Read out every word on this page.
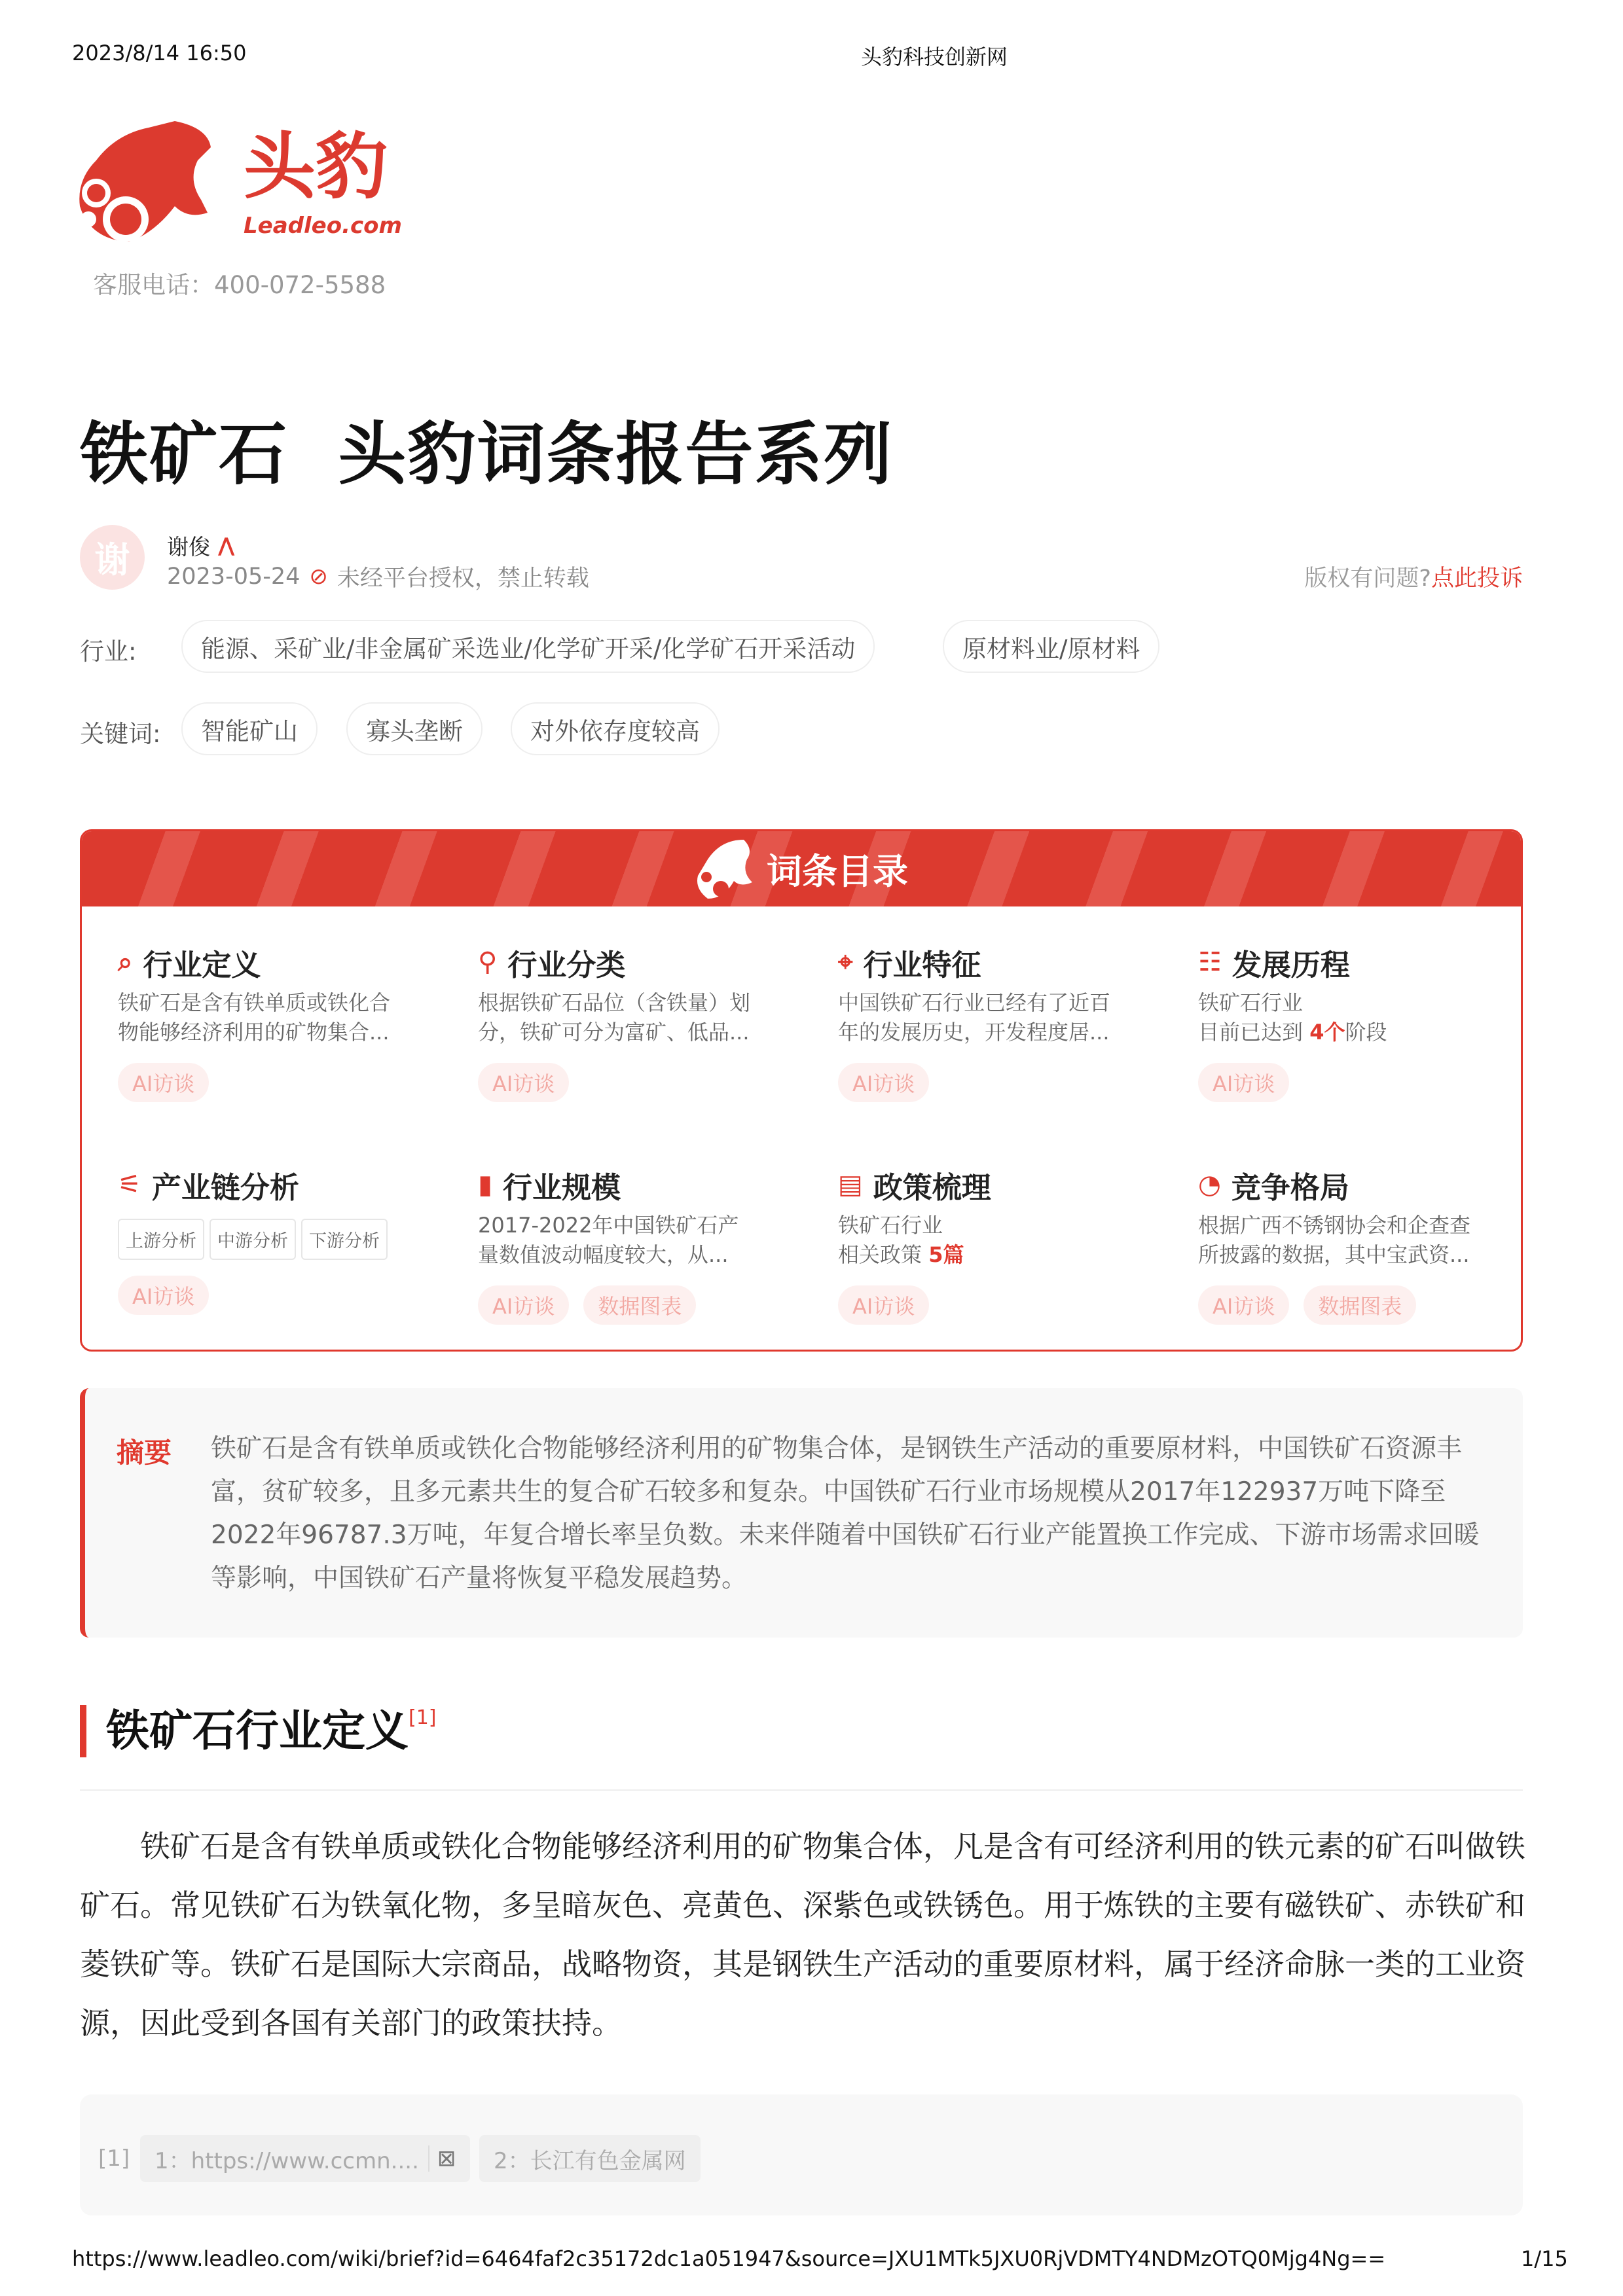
2023/8/14 16:50	头豹科技创新网
头豹
Leadleo.com
客服电话：400-072-5588
铁矿石  头豹词条报告系列
谢	谢俊 ⋀
2023-05-24 ⊘ 未经平台授权，禁止转载	版权有问题? 点此投诉
行业:	能源、采矿业/非金属矿采选业/化学矿开采/化学矿石开采活动	原材料业/原材料
关键词:	智能矿山	寡头垄断	对外依存度较高
词条目录
⌕ 行业定义

铁矿石是含有铁单质或铁化合
物能够经济利用的矿物集合...

AI访谈
⚲ 行业分类

根据铁矿石品位（含铁量）划
分，铁矿可分为富矿、低品...

AI访谈
⌖ 行业特征

中国铁矿石行业已经有了近百
年的发展历史，开发程度居...

AI访谈
☷ 发展历程

铁矿石行业
目前已达到 4个阶段

AI访谈
⚟ 产业链分析
上游分析	中游分析	下游分析
AI访谈
▮ 行业规模

2017-2022年中国铁矿石产
量数值波动幅度较大，从...

AI访谈	数据图表
▤ 政策梳理

铁矿石行业
相关政策 5篇

AI访谈
◔ 竞争格局

根据广西不锈钢协会和企查查
所披露的数据，其中宝武资...

AI访谈	数据图表
摘要 铁矿石是含有铁单质或铁化合物能够经济利用的矿物集合体，是钢铁生产活动的重要原材料，中国铁矿石资源丰富，贫矿较多，且多元素共生的复合矿石较多和复杂。中国铁矿石行业市场规模从2017年122937万吨下降至2022年96787.3万吨，年复合增长率呈负数。未来伴随着中国铁矿石行业产能置换工作完成、下游市场需求回暖等影响，中国铁矿石产量将恢复平稳发展趋势。
铁矿石行业定义[1]
铁矿石是含有铁单质或铁化合物能够经济利用的矿物集合体，凡是含有可经济利用的铁元素的矿石叫做铁矿石。常见铁矿石为铁氧化物，多呈暗灰色、亮黄色、深紫色或铁锈色。用于炼铁的主要有磁铁矿、赤铁矿和菱铁矿等。铁矿石是国际大宗商品，战略物资，其是钢铁生产活动的重要原材料，属于经济命脉一类的工业资源，因此受到各国有关部门的政策扶持。
[1] 1：https://www.ccmn.... ⊠ 2：长江有色金属网
https://www.leadleo.com/wiki/brief?id=6464faf2c35172dc1a051947&source=JXU1MTk5JXU0RjVDMTY4NDMzOTQ0Mjg4Ng==	1/15
